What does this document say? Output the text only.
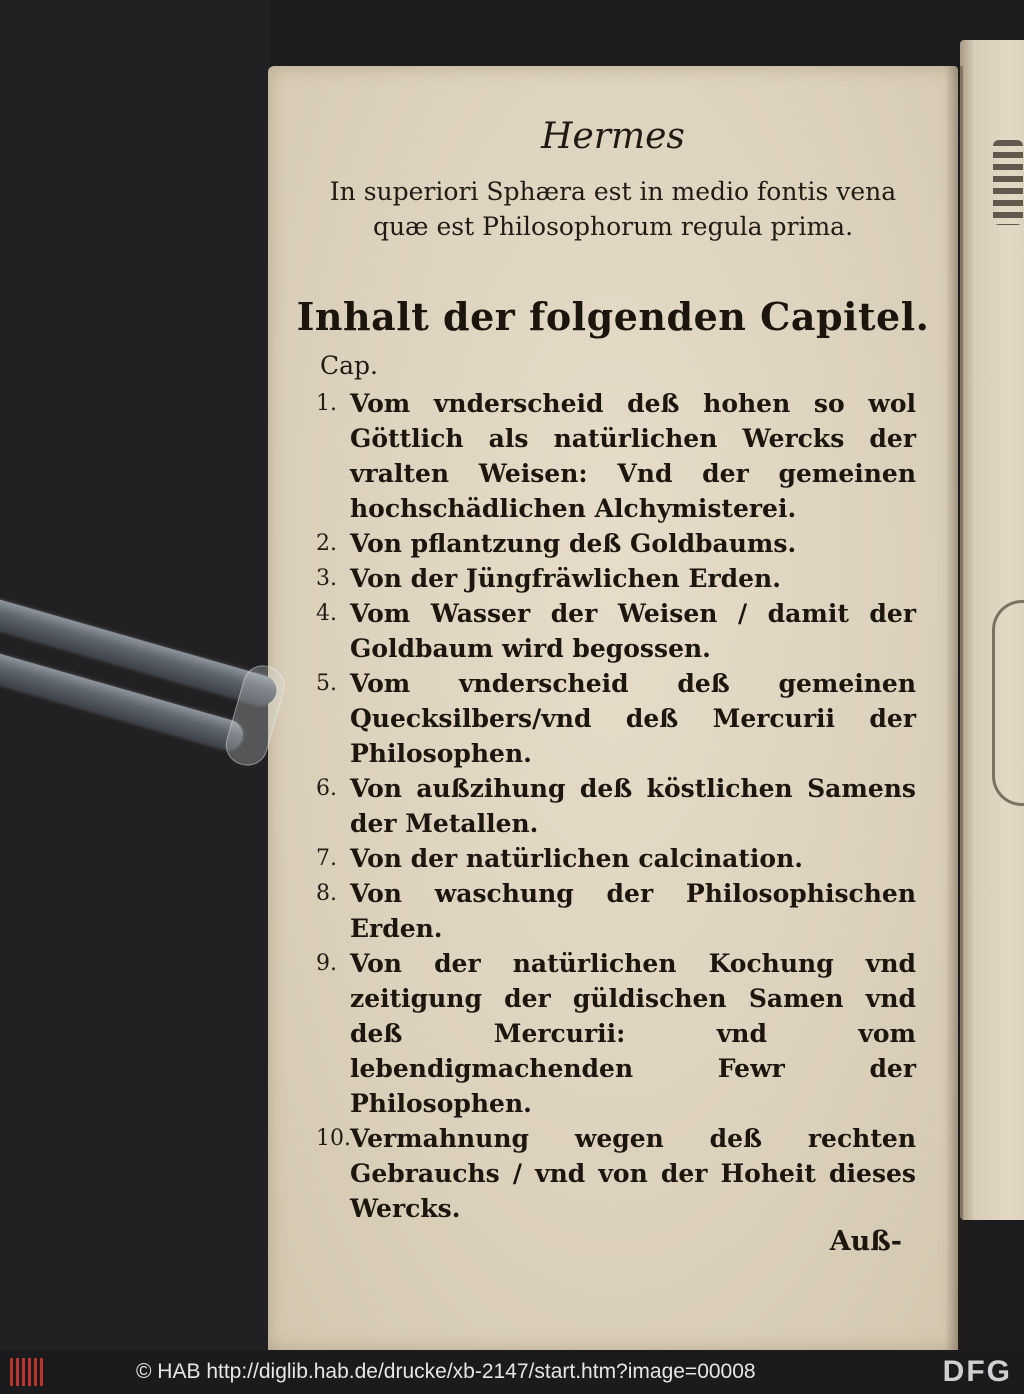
Hermes
In superiori Sphæra est in medio fontis vena quæ est Philosophorum regula prima.
Inhalt der folgenden Capitel.
Cap.
1. Vom vnderscheid deß hohen so wol Göttlich als natürlichen Wercks der vralten Weisen: Vnd der gemeinen hochschädlichen Alchymisterei.
2. Von pflantzung deß Goldbaums.
3. Von der Jüngfräwlichen Erden.
4. Vom Wasser der Weisen / damit der Goldbaum wird begossen.
5. Vom vnderscheid deß gemeinen Quecksilbers/vnd deß Mercurii der Philosophen.
6. Von außzihung deß köstlichen Samens der Metallen.
7. Von der natürlichen calcination.
8. Von waschung der Philosophischen Erden.
9. Von der natürlichen Kochung vnd zeitigung der güldischen Samen vnd deß Mercurii: vnd vom lebendigmachenden Fewr der Philosophen.
10. Vermahnung wegen deß rechten Gebrauchs / vnd von der Hoheit dieses Wercks.
Auß-
© HAB http://diglib.hab.de/drucke/xb-2147/start.htm?image=00008	DFG
